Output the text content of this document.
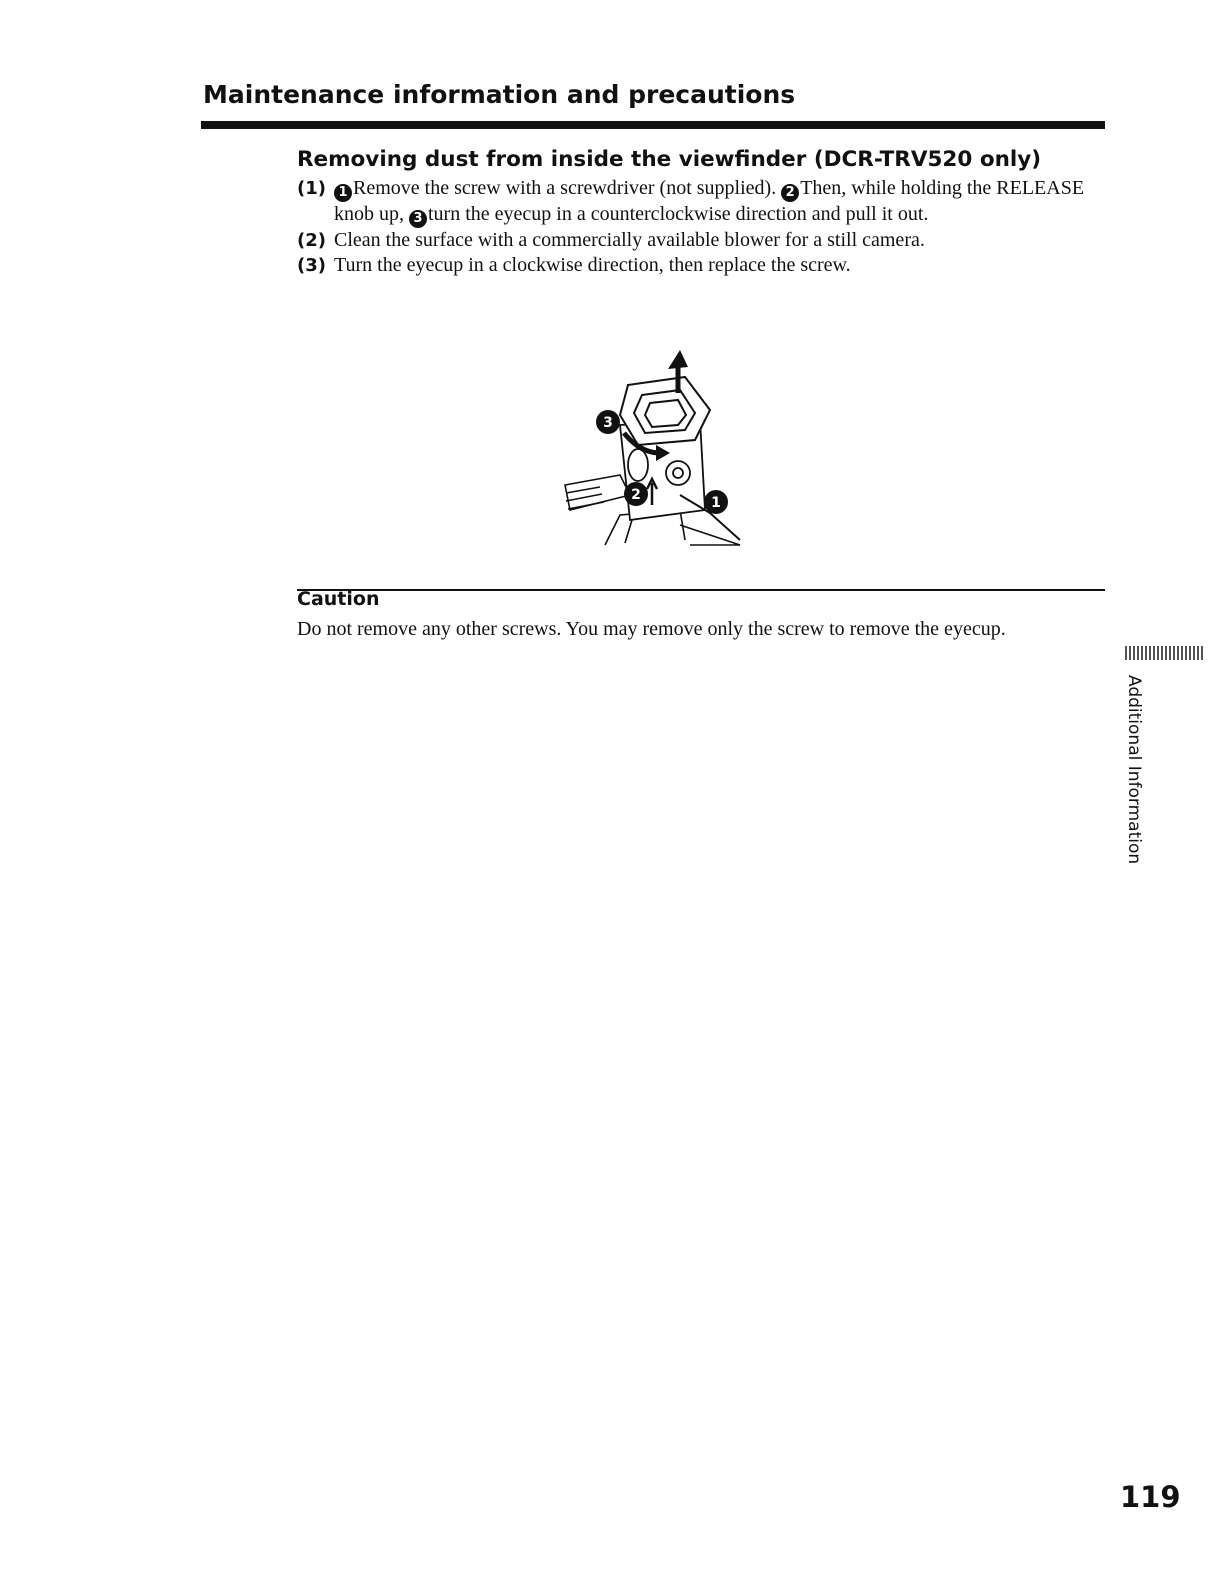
Maintenance information and precautions
Removing dust from inside the viewfinder (DCR-TRV520 only)
(1) 1 Remove the screw with a screwdriver (not supplied). 2 Then, while holding the RELEASE knob up, 3 turn the eyecup in a counterclockwise direction and pull it out.
(2) Clean the surface with a commercially available blower for a still camera.
(3) Turn the eyecup in a clockwise direction, then replace the screw.
3
2	1
Caution
Do not remove any other screws. You may remove only the screw to remove the eyecup.
Additional Information
119
